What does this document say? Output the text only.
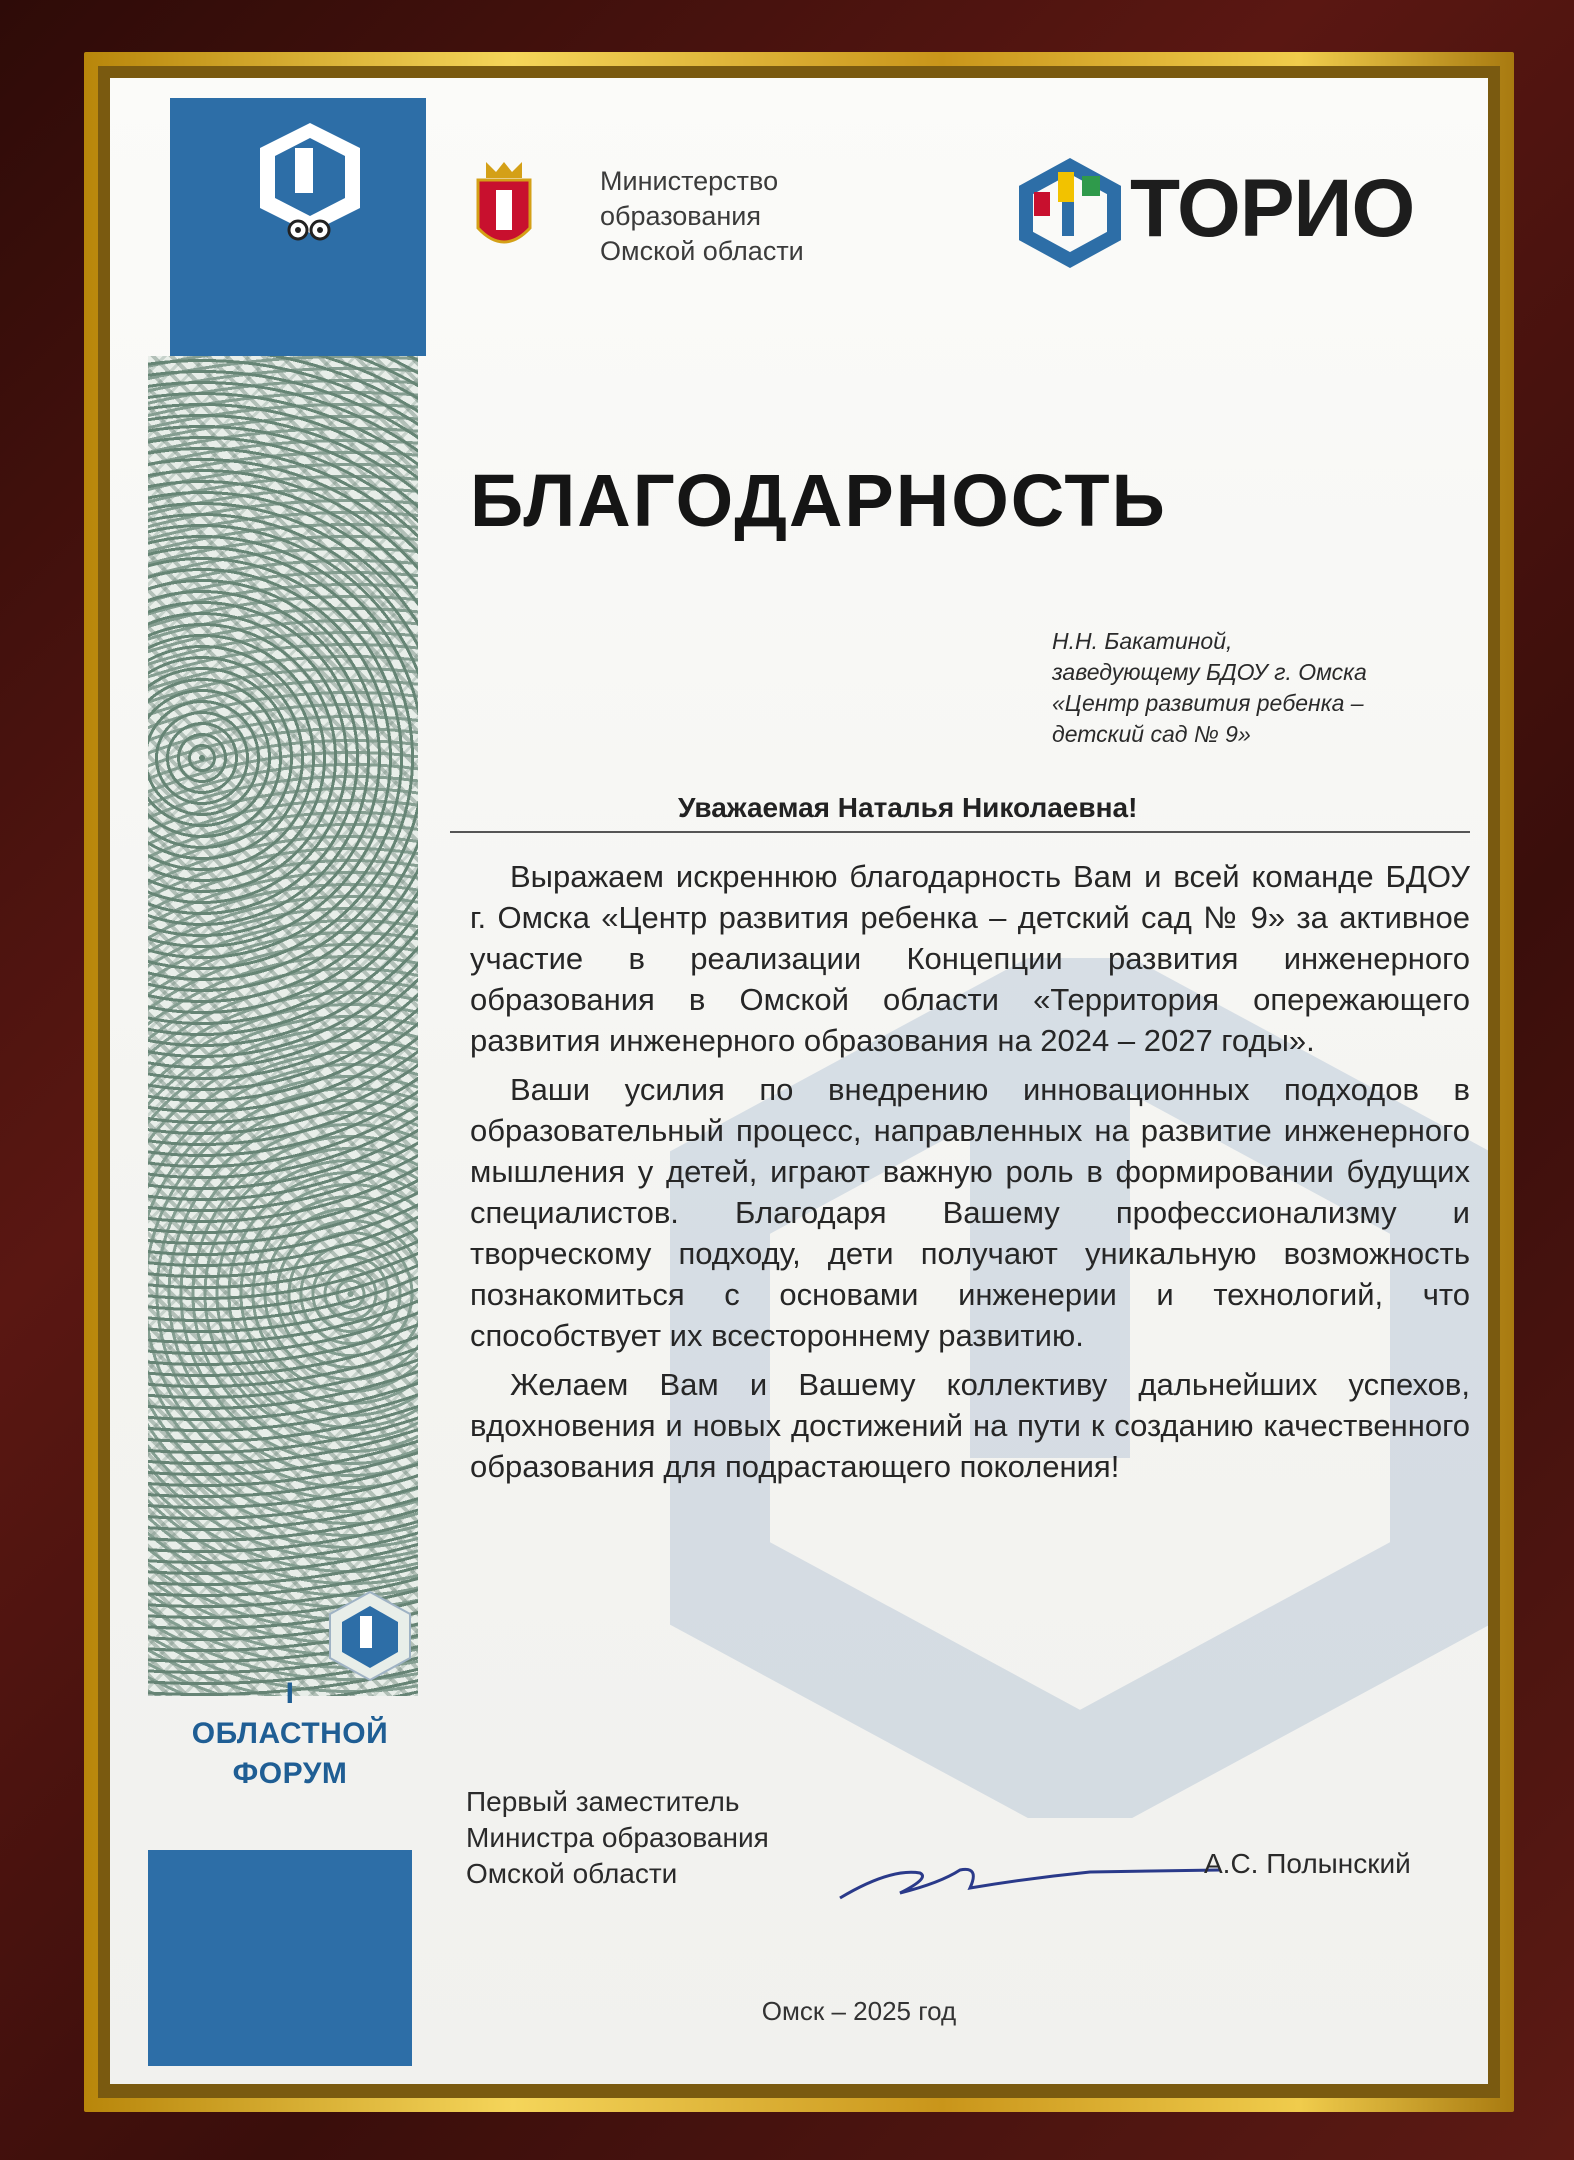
I
ОБЛАСТНОЙ
ФОРУМ
Министерство
образования
Омской области	ТОРИО
БЛАГОДАРНОСТЬ
Н.Н. Бакатиной,
заведующему БДОУ г. Омска
«Центр развития ребенка –
детский сад № 9»
Уважаемая Наталья Николаевна!

Выражаем искреннюю благодарность Вам и всей команде БДОУ г. Омска «Центр развития ребенка – детский сад № 9» за активное участие в реализации Концепции развития инженерного образования в Омской области «Территория опережающего развития инженерного образования на 2024 – 2027 годы».

Ваши усилия по внедрению инновационных подходов в образовательный процесс, направленных на развитие инженерного мышления у детей, играют важную роль в формировании будущих специалистов. Благодаря Вашему профессионализму и творческому подходу, дети получают уникальную возможность познакомиться с основами инженерии и технологий, что способствует их всестороннему развитию.

Желаем Вам и Вашему коллективу дальнейших успехов, вдохновения и новых достижений на пути к созданию качественного образования для подрастающего поколения!

Первый заместитель
Министра образования
Омской области	А.С. Полынский
Омск – 2025 год
